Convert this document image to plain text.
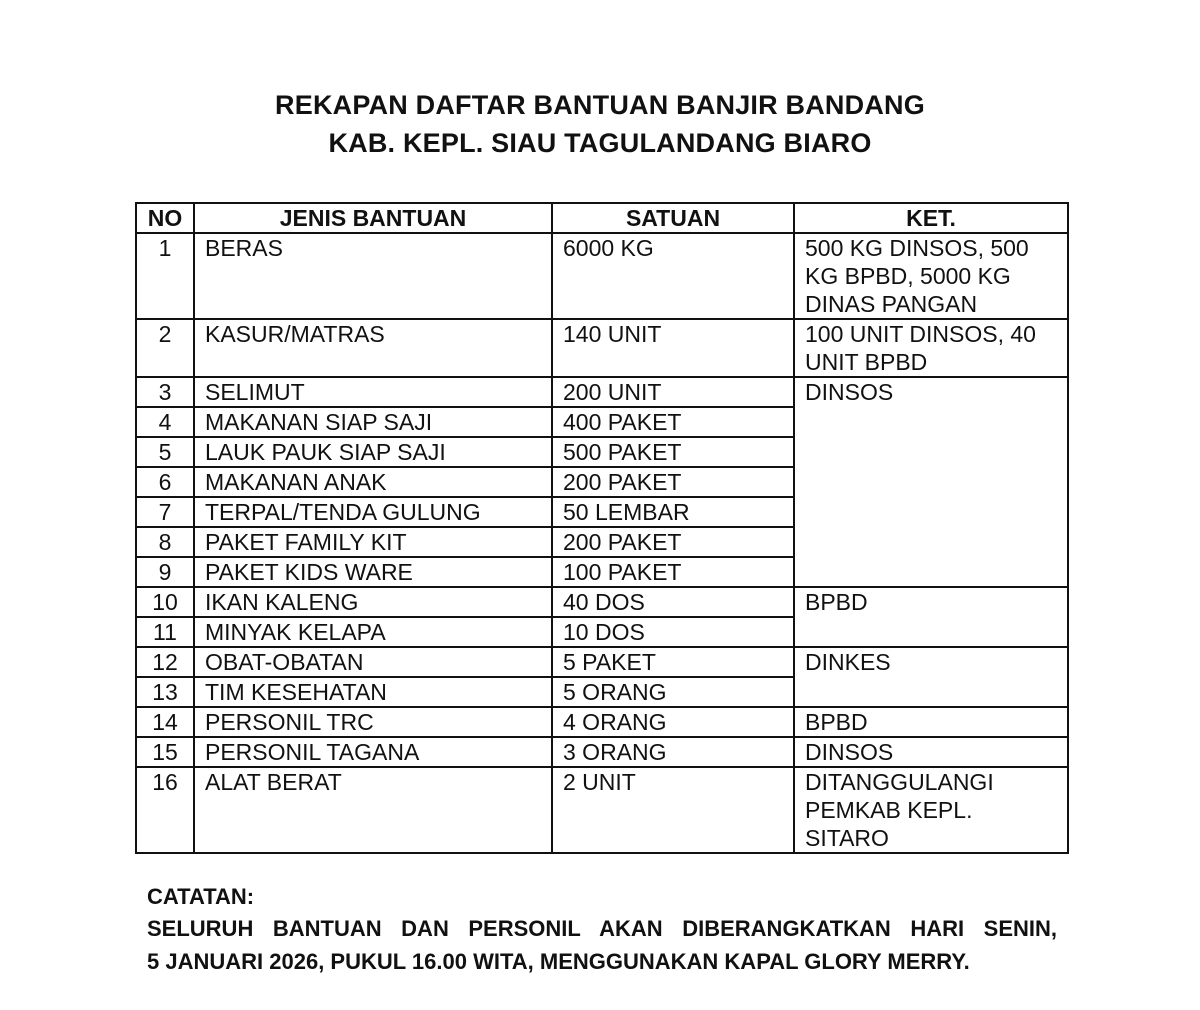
REKAPAN DAFTAR BANTUAN BANJIR BANDANG
KAB. KEPL. SIAU TAGULANDANG BIARO
NO	JENIS BANTUAN	SATUAN	KET.
1	BERAS	6000 KG	500 KG DINSOS, 500 KG BPBD, 5000 KG DINAS PANGAN
2	KASUR/MATRAS	140 UNIT	100 UNIT DINSOS, 40 UNIT BPBD
3	SELIMUT	200 UNIT	DINSOS

4	MAKANAN SIAP SAJI	400 PAKET	
5	LAUK PAUK SIAP SAJI	500 PAKET	
6	MAKANAN ANAK	200 PAKET	
7	TERPAL/TENDA GULUNG	50 LEMBAR	
8	PAKET FAMILY KIT	200 PAKET	
9	PAKET KIDS WARE	100 PAKET	
10	IKAN KALENG	40 DOS	BPBD

11	MINYAK KELAPA	10 DOS	
12	OBAT-OBATAN	5 PAKET	DINKES

13	TIM KESEHATAN	5 ORANG	
14	PERSONIL TRC	4 ORANG	BPBD
15	PERSONIL TAGANA	3 ORANG	DINSOS
16	ALAT BERAT	2 UNIT	DITANGGULANGI PEMKAB KEPL. SITARO
CATATAN:
SELURUH BANTUAN DAN PERSONIL AKAN DIBERANGKATKAN HARI SENIN,
5 JANUARI 2026, PUKUL 16.00 WITA, MENGGUNAKAN KAPAL GLORY MERRY.
